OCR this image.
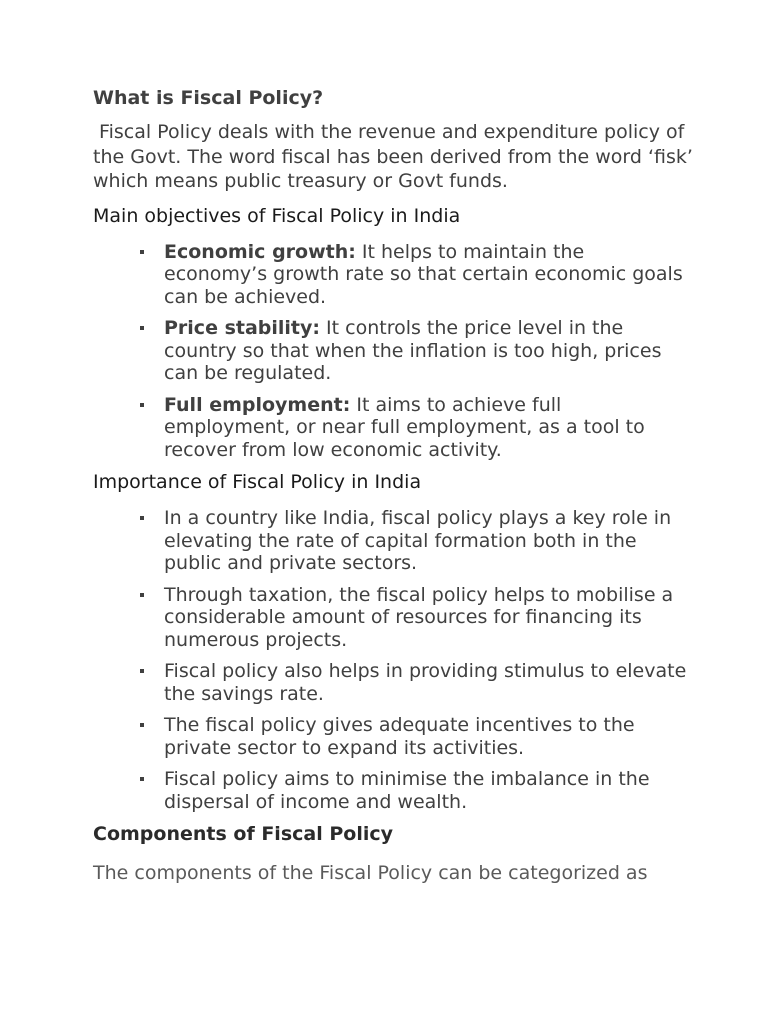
What is Fiscal Policy?

Fiscal Policy deals with the revenue and expenditure policy of the Govt. The word fiscal has been derived from the word ‘fisk’ which means public treasury or Govt funds.

Main objectives of Fiscal Policy in India

Economic growth: It helps to maintain the economy’s growth rate so that certain economic goals can be achieved.
Price stability: It controls the price level in the country so that when the inflation is too high, prices can be regulated.
Full employment: It aims to achieve full employment, or near full employment, as a tool to recover from low economic activity.

Importance of Fiscal Policy in India

In a country like India, fiscal policy plays a key role in elevating the rate of capital formation both in the public and private sectors.
Through taxation, the fiscal policy helps to mobilise a considerable amount of resources for financing its numerous projects.
Fiscal policy also helps in providing stimulus to elevate the savings rate.
The fiscal policy gives adequate incentives to the private sector to expand its activities.
Fiscal policy aims to minimise the imbalance in the dispersal of income and wealth.

Components of Fiscal Policy

The components of the Fiscal Policy can be categorized as
